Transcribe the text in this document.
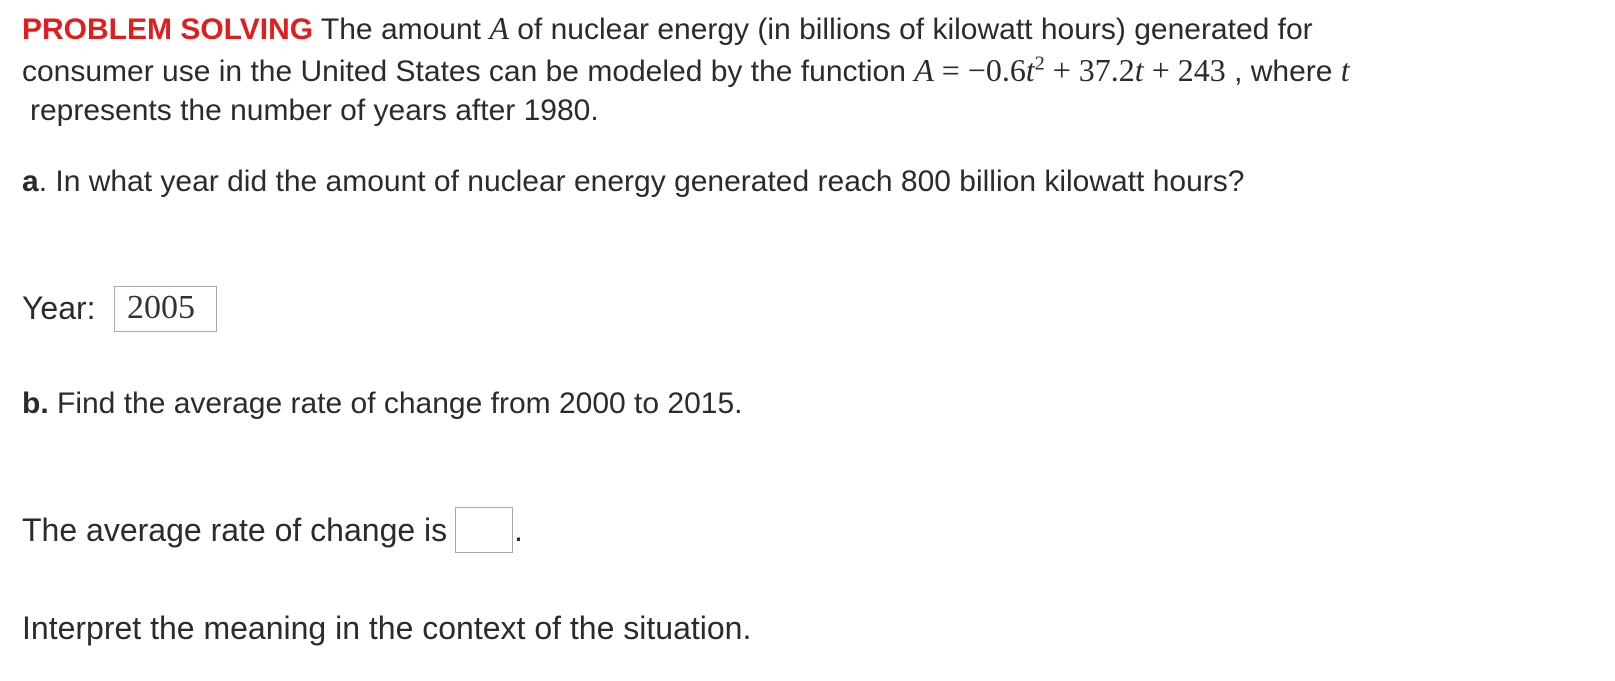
PROBLEM SOLVING The amount A of nuclear energy (in billions of kilowatt hours) generated for
consumer use in the United States can be modeled by the function $A = -0.6t^2 + 37.2t + 243$ , where t
represents the number of years after 1980.
a. In what year did the amount of nuclear energy generated reach 800 billion kilowatt hours?
Year: 2005
b. Find the average rate of change from 2000 to 2015.
The average rate of change is .
Interpret the meaning in the context of the situation.
